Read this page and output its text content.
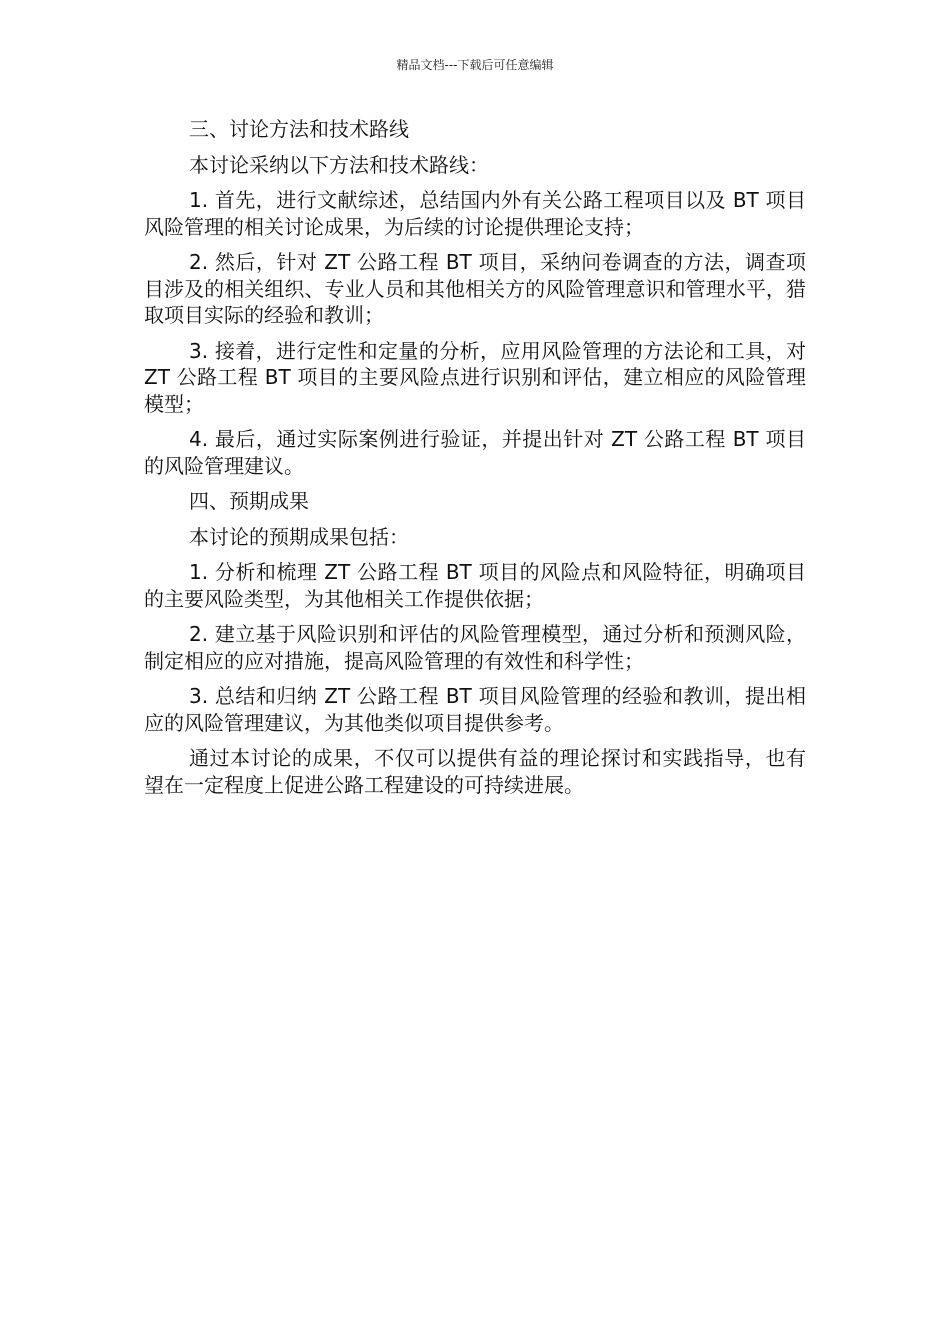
精品文档---下载后可任意编辑
三、讨论方法和技术路线
本讨论采纳以下方法和技术路线：
1. 首先，进行文献综述，总结国内外有关公路工程项目以及 BT 项目风险管理的相关讨论成果，为后续的讨论提供理论支持；
2. 然后，针对 ZT 公路工程 BT 项目，采纳问卷调查的方法，调查项目涉及的相关组织、专业人员和其他相关方的风险管理意识和管理水平，猎取项目实际的经验和教训；
3. 接着，进行定性和定量的分析，应用风险管理的方法论和工具，对 ZT 公路工程 BT 项目的主要风险点进行识别和评估，建立相应的风险管理模型；
4. 最后，通过实际案例进行验证，并提出针对 ZT 公路工程 BT 项目的风险管理建议。
四、预期成果
本讨论的预期成果包括：
1. 分析和梳理 ZT 公路工程 BT 项目的风险点和风险特征，明确项目的主要风险类型，为其他相关工作提供依据；
2. 建立基于风险识别和评估的风险管理模型，通过分析和预测风险，制定相应的应对措施，提高风险管理的有效性和科学性；
3. 总结和归纳 ZT 公路工程 BT 项目风险管理的经验和教训，提出相应的风险管理建议，为其他类似项目提供参考。
通过本讨论的成果，不仅可以提供有益的理论探讨和实践指导，也有望在一定程度上促进公路工程建设的可持续进展。
